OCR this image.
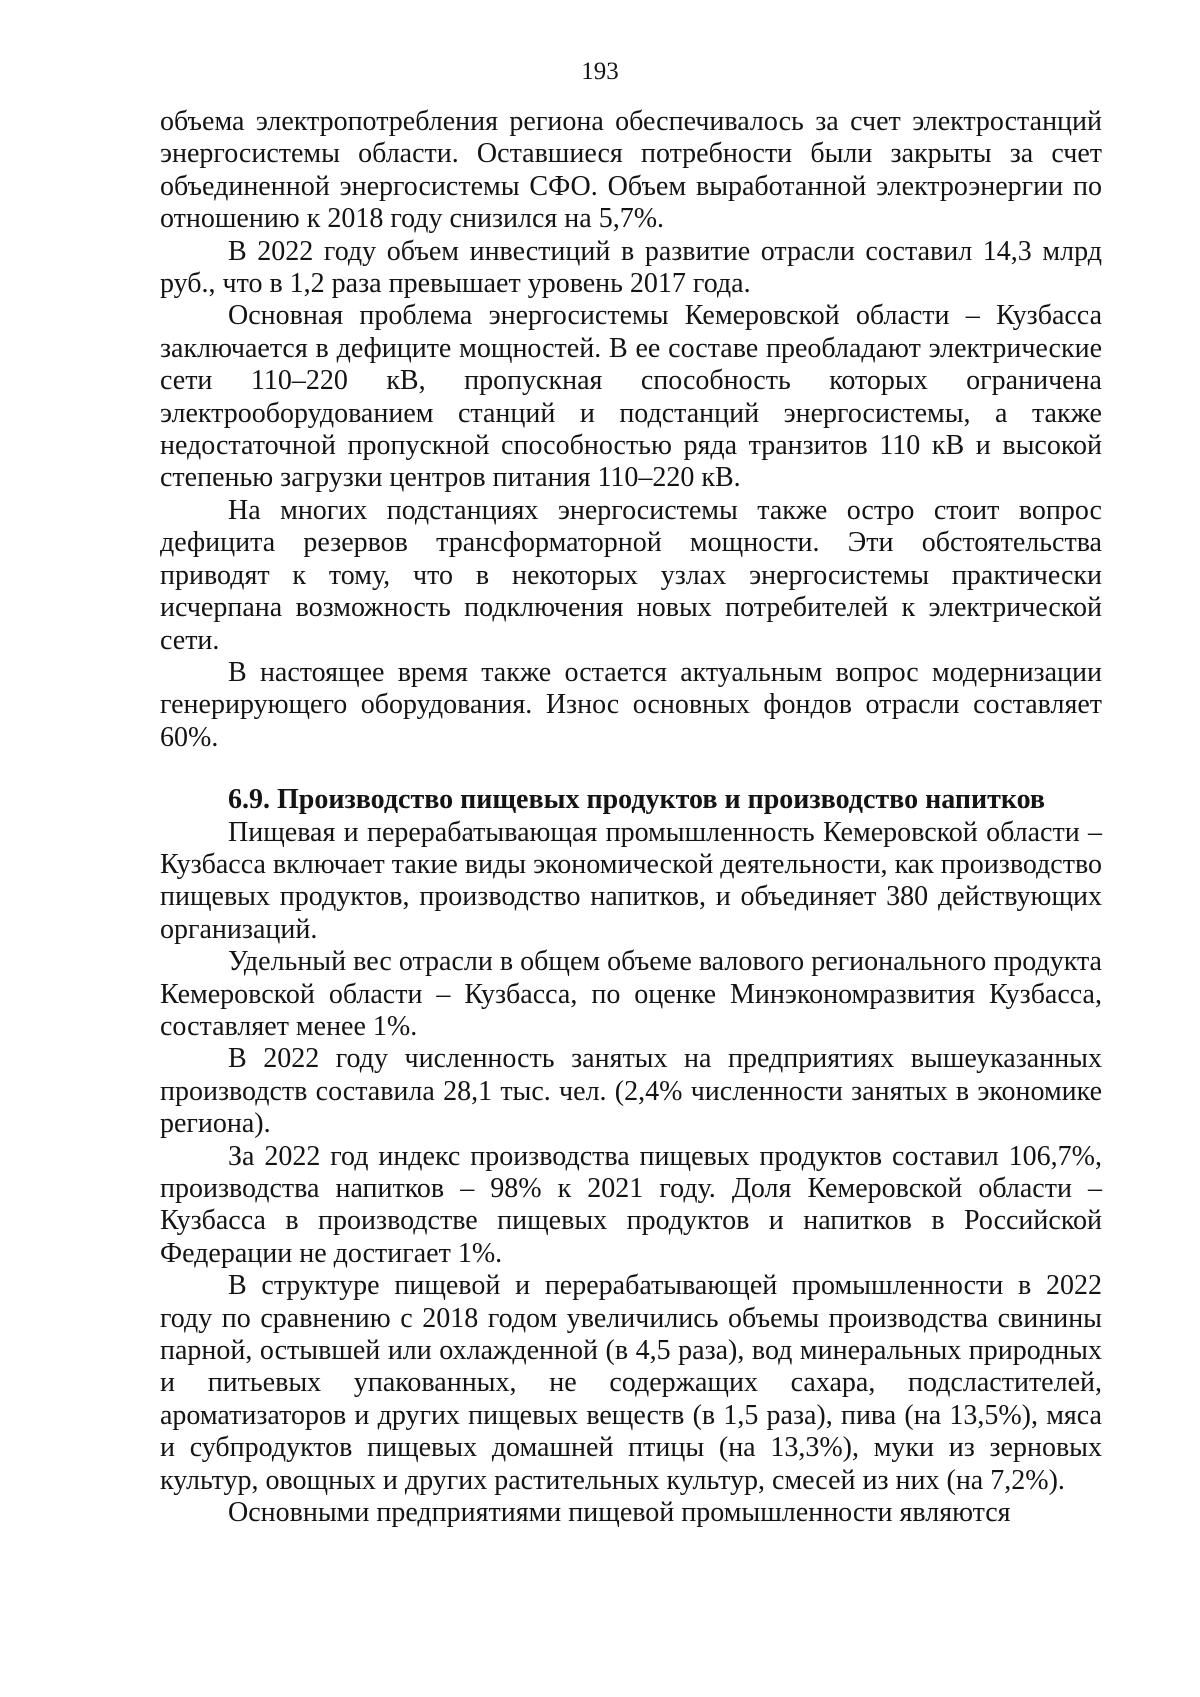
193

объема электропотребления региона обеспечивалось за счет электростанций энергосистемы области. Оставшиеся потребности были закрыты за счет объединенной энергосистемы СФО. Объем выработанной электроэнергии по отношению к 2018 году снизился на 5,7%.

В 2022 году объем инвестиций в развитие отрасли составил 14,3 млрд руб., что в 1,2 раза превышает уровень 2017 года.

Основная проблема энергосистемы Кемеровской области – Кузбасса заключается в дефиците мощностей. В ее составе преобладают электрические сети 110–220 кВ, пропускная способность которых ограничена электрооборудованием станций и подстанций энергосистемы, а также недостаточной пропускной способностью ряда транзитов 110 кВ и высокой степенью загрузки центров питания 110–220 кВ.

На многих подстанциях энергосистемы также остро стоит вопрос дефицита резервов трансформаторной мощности. Эти обстоятельства приводят к тому, что в некоторых узлах энергосистемы практически исчерпана возможность подключения новых потребителей к электрической сети.

В настоящее время также остается актуальным вопрос модернизации генерирующего оборудования. Износ основных фондов отрасли составляет 60%.

6.9. Производство пищевых продуктов и производство напитков

Пищевая и перерабатывающая промышленность Кемеровской области – Кузбасса включает такие виды экономической деятельности, как производство пищевых продуктов, производство напитков, и объединяет 380 действующих организаций.

Удельный вес отрасли в общем объеме валового регионального продукта Кемеровской области – Кузбасса, по оценке Минэкономразвития Кузбасса, составляет менее 1%.

В 2022 году численность занятых на предприятиях вышеуказанных производств составила 28,1 тыс. чел. (2,4% численности занятых в экономике региона).

За 2022 год индекс производства пищевых продуктов составил 106,7%, производства напитков – 98% к 2021 году. Доля Кемеровской области – Кузбасса в производстве пищевых продуктов и напитков в Российской Федерации не достигает 1%.

В структуре пищевой и перерабатывающей промышленности в 2022 году по сравнению с 2018 годом увеличились объемы производства свинины парной, остывшей или охлажденной (в 4,5 раза), вод минеральных природных и питьевых упакованных, не содержащих сахара, подсластителей, ароматизаторов и других пищевых веществ (в 1,5 раза), пива (на 13,5%), мяса и субпродуктов пищевых домашней птицы (на 13,3%), муки из зерновых культур, овощных и других растительных культур, смесей из них (на 7,2%).

Основными предприятиями пищевой промышленности являются
